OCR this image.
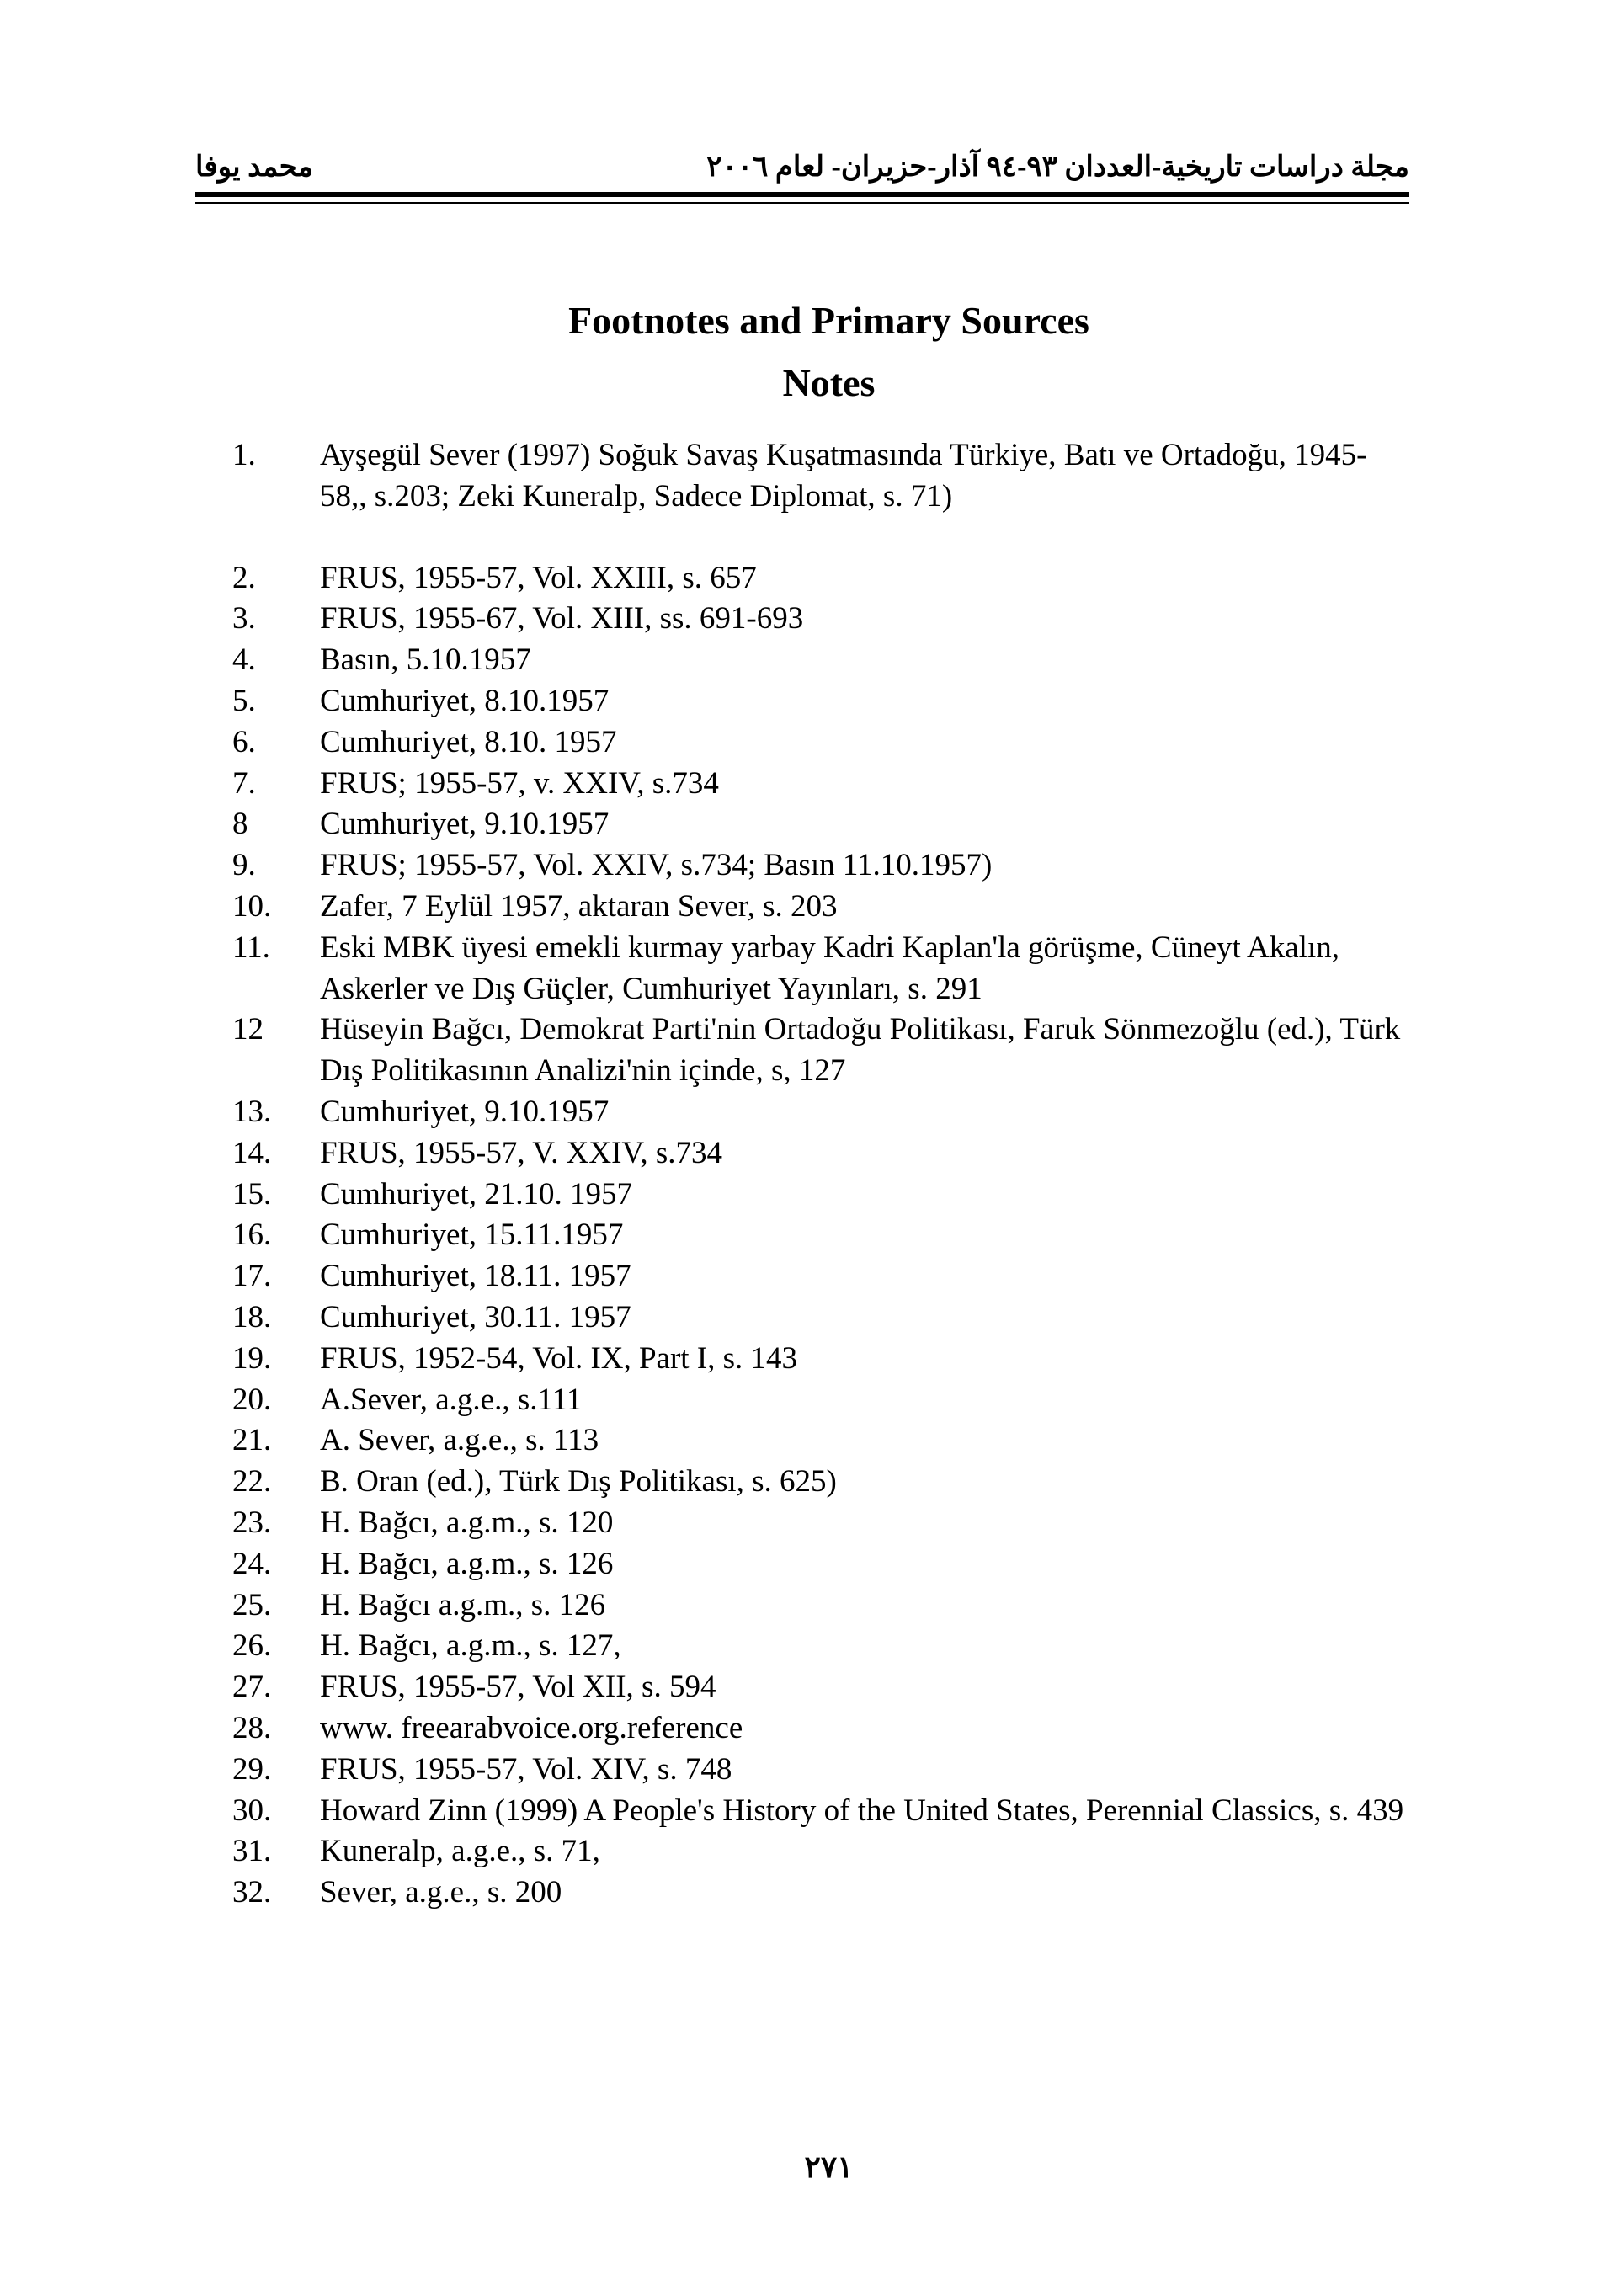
محمد يوفا	مجلة دراسات تاريخية-العددان ٩٣-٩٤ آذار-حزيران- لعام ٢٠٠٦
Footnotes and Primary Sources
Notes
1.	Ayşegül Sever (1997) Soğuk Savaş Kuşatmasında Türkiye, Batı ve Ortadoğu, 1945-58,, s.203; Zeki Kuneralp, Sadece Diplomat, s. 71)
2.	FRUS, 1955-57, Vol. XXIII, s. 657
3.	FRUS, 1955-67, Vol. XIII, ss. 691-693
4.	Basın, 5.10.1957
5.	Cumhuriyet, 8.10.1957
6.	Cumhuriyet, 8.10. 1957
7.	FRUS; 1955-57, v. XXIV, s.734
8	Cumhuriyet, 9.10.1957
9.	FRUS; 1955-57, Vol. XXIV, s.734; Basın 11.10.1957)
10.	Zafer, 7 Eylül 1957, aktaran Sever, s. 203
11.	Eski MBK üyesi emekli kurmay yarbay Kadri Kaplan'la görüşme, Cüneyt Akalın, Askerler ve Dış Güçler, Cumhuriyet Yayınları, s. 291
12	Hüseyin Bağcı, Demokrat Parti'nin Ortadoğu Politikası, Faruk Sönmezoğlu (ed.), Türk Dış Politikasının Analizi'nin içinde, s, 127
13.	Cumhuriyet, 9.10.1957
14.	FRUS, 1955-57, V. XXIV, s.734
15.	Cumhuriyet, 21.10. 1957
16.	Cumhuriyet, 15.11.1957
17.	Cumhuriyet, 18.11. 1957
18.	Cumhuriyet, 30.11. 1957
19.	FRUS, 1952-54, Vol. IX, Part I, s. 143
20.	A.Sever, a.g.e., s.111
21.	A. Sever, a.g.e., s. 113
22.	B. Oran (ed.), Türk Dış Politikası, s. 625)
23.	H. Bağcı, a.g.m., s. 120
24.	H. Bağcı, a.g.m., s. 126
25.	H. Bağcı a.g.m., s. 126
26.	H. Bağcı, a.g.m., s. 127,
27.	FRUS, 1955-57, Vol XII, s. 594
28.	www. freearabvoice.org.reference
29.	FRUS, 1955-57, Vol. XIV, s. 748
30.	Howard Zinn (1999) A People's History of the United States, Perennial Classics, s. 439
31.	Kuneralp, a.g.e., s. 71,
32.	Sever, a.g.e., s. 200
٢٧١
